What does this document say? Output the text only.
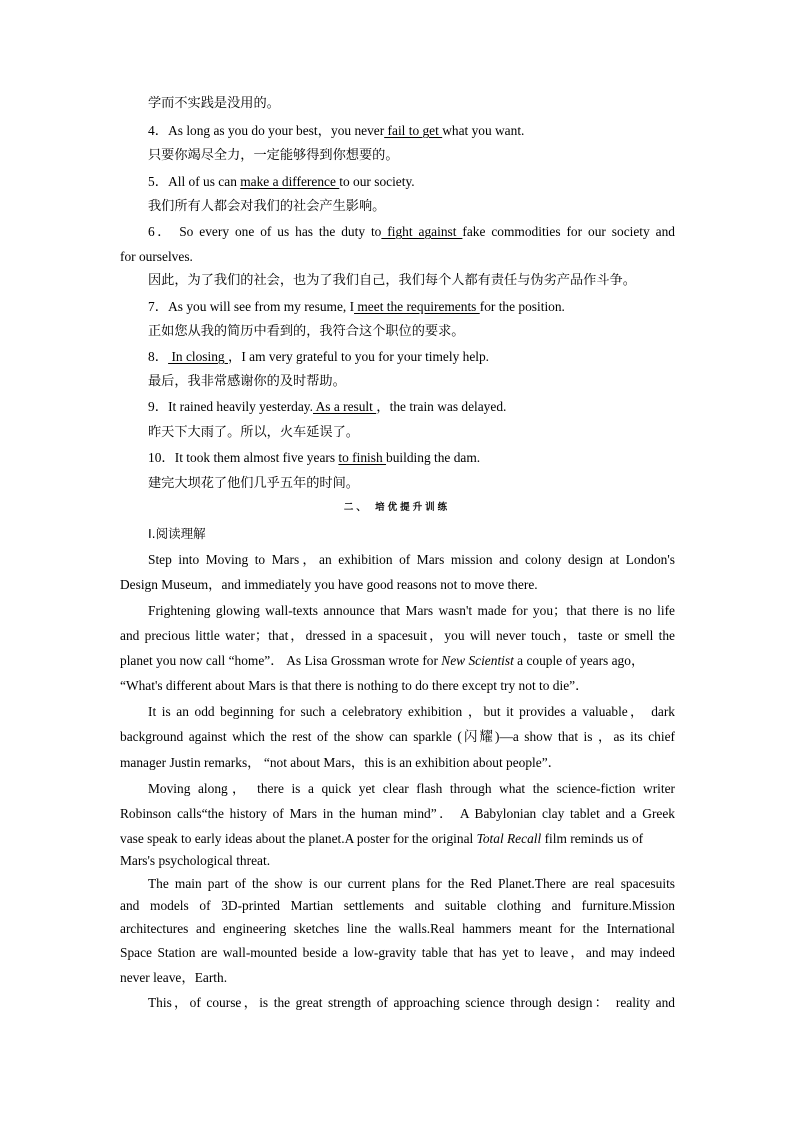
学而不实践是没用的。
4．As long as you do your best，you never fail to get what you want.
只要你竭尽全力，一定能够得到你想要的。
5．All of us can make a difference to our society.
我们所有人都会对我们的社会产生影响。
6． So every one of us has the duty to fight against fake commodities for our society and
for ourselves.
因此，为了我们的社会，也为了我们自己，我们每个人都有责任与伪劣产品作斗争。
7．As you will see from my resume, I meet the requirements for the position.
正如您从我的简历中看到的，我符合这个职位的要求。
8． In closing ，I am very grateful to you for your timely help.
最后，我非常感谢你的及时帮助。
9．It rained heavily yesterday. As a result ，the train was delayed.
昨天下大雨了。所以，火车延误了。
10．It took them almost five years to finish building the dam.
建完大坝花了他们几乎五年的时间。
二、 培优提升训练
Ⅰ.阅读理解
Step into Moving to Mars，an exhibition of Mars mission and colony design at London's
Design Museum，and immediately you have good reasons not to move there.
Frightening glowing wall-texts announce that Mars wasn't made for you；that there is no life
and precious little water；that，dressed in a spacesuit，you will never touch，taste or smell the
planet you now call “home”． As Lisa Grossman wrote for New Scientist a couple of years ago，
“What's different about Mars is that there is nothing to do there except try not to die”．
It is an odd beginning for such a celebratory exhibition ，but it provides a valuable， dark
background against which the rest of the show can sparkle (闪耀)—a show that is ，as its chief
manager Justin remarks， “not about Mars，this is an exhibition about people”．
Moving along， there is a quick yet clear flash through what the science-fiction writer
Robinson calls“the history of Mars in the human mind”． A Babylonian clay tablet and a Greek
vase speak to early ideas about the planet.A poster for the original Total Recall film reminds us of
Mars's psychological threat.
The main part of the show is our current plans for the Red Planet.There are real spacesuits
and models of 3D-printed Martian settlements and suitable clothing and furniture.Mission
architectures and engineering sketches line the walls.Real hammers meant for the International
Space Station are wall-mounted beside a low-gravity table that has yet to leave，and may indeed
never leave，Earth.
This，of course，is the great strength of approaching science through design： reality and
